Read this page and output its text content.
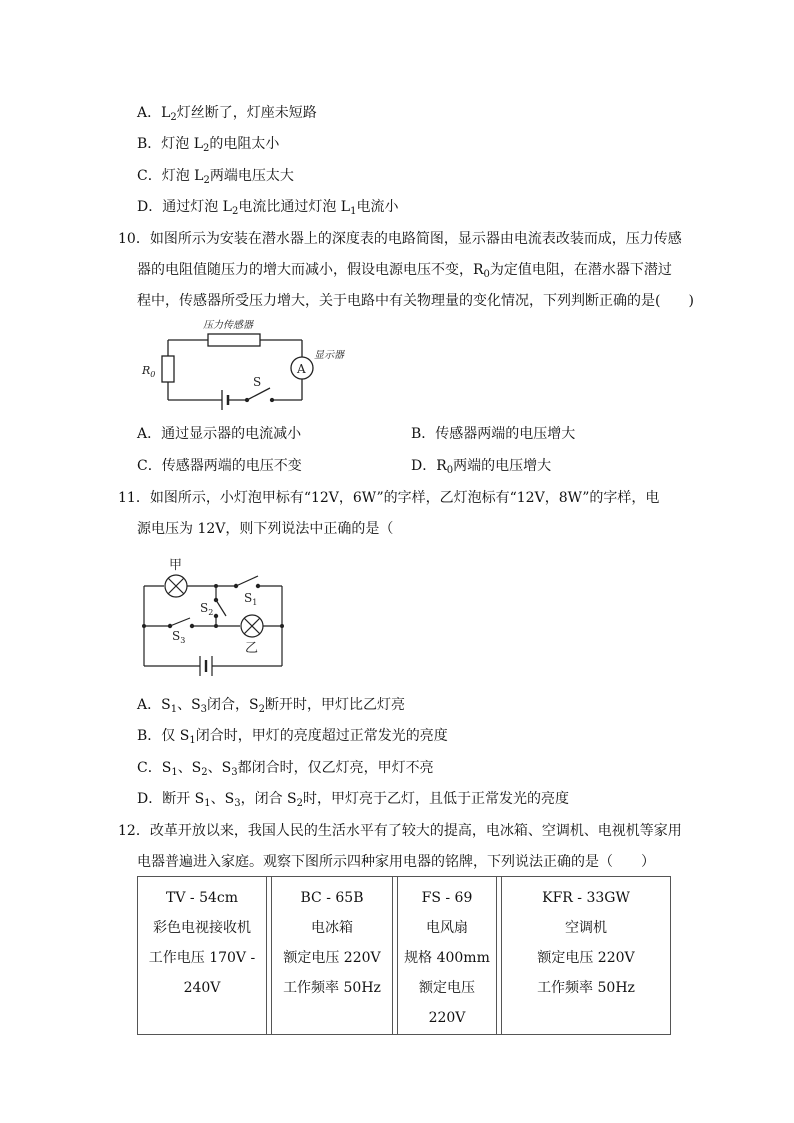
A．$L_2$灯丝断了，灯座未短路
B．灯泡 $L_2$的电阻太小
C．灯泡 $L_2$两端电压太大
D．通过灯泡 $L_2$电流比通过灯泡 $L_1$电流小
10．如图所示为安装在潜水器上的深度表的电路简图，显示器由电流表改装而成，压力传感
器的电阻值随压力的增大而减小，假设电源电压不变，$R_0$为定值电阻，在潜水器下潜过
程中，传感器所受压力增大，关于电路中有关物理量的变化情况，下列判断正确的是(　　)
压力传感器
显示器
A
$R_0$
S
A．通过显示器的电流减小	B．传感器两端的电压增大
C．传感器两端的电压不变	D．$R_0$两端的电压增大
11．如图所示，小灯泡甲标有“12V，6W”的字样，乙灯泡标有“12V，8W”的字样，电
源电压为 12V，则下列说法中正确的是（
甲
乙
$S_1$
$S_2$
$S_3$
A．$S_1$、$S_3$闭合，$S_2$断开时，甲灯比乙灯亮
B．仅 $S_1$闭合时，甲灯的亮度超过正常发光的亮度
C．$S_1$、$S_2$、$S_3$都闭合时，仅乙灯亮，甲灯不亮
D．断开 $S_1$、$S_3$，闭合 $S_2$时，甲灯亮于乙灯，且低于正常发光的亮度
12．改革开放以来，我国人民的生活水平有了较大的提高，电冰箱、空调机、电视机等家用
电器普遍进入家庭。观察下图所示四种家用电器的铭牌，下列说法正确的是（　　）
TV - 54cm
彩色电视接收机
工作电压 170V -
240V

BC - 65B
电冰箱
额定电压 220V
工作频率 50Hz

FS - 69
电风扇
规格 400mm
额定电压 220V

KFR - 33GW
空调机
额定电压 220V
工作频率 50Hz
